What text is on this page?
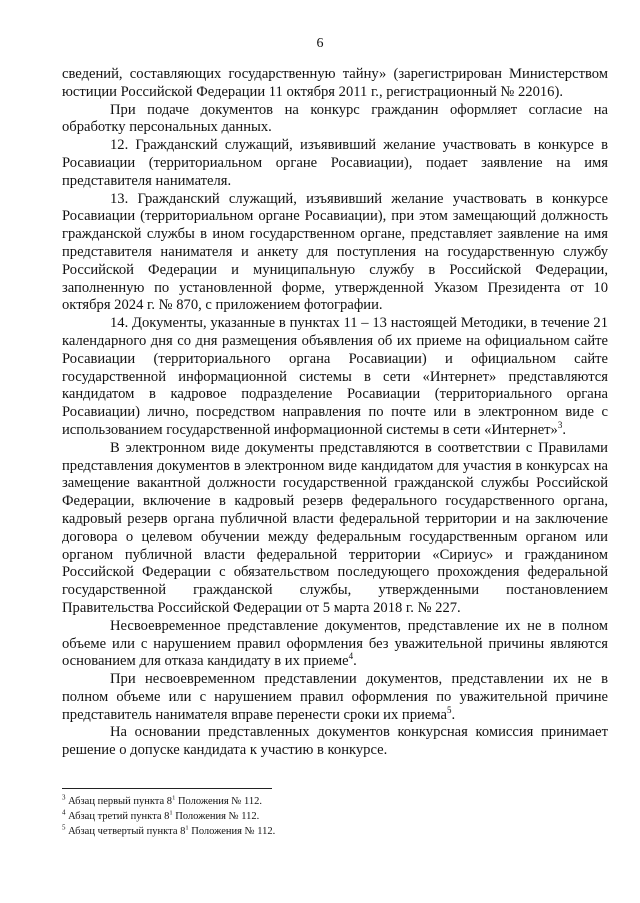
6

сведений, составляющих государственную тайну» (зарегистрирован Министерством юстиции Российской Федерации 11 октября 2011 г., регистрационный № 22016).

При подаче документов на конкурс гражданин оформляет согласие на обработку персональных данных.

12. Гражданский служащий, изъявивший желание участвовать в конкурсе в Росавиации (территориальном органе Росавиации), подает заявление на имя представителя нанимателя.

13. Гражданский служащий, изъявивший желание участвовать в конкурсе Росавиации (территориальном органе Росавиации), при этом замещающий должность гражданской службы в ином государственном органе, представляет заявление на имя представителя нанимателя и анкету для поступления на государственную службу Российской Федерации и муниципальную службу в Российской Федерации, заполненную по установленной форме, утвержденной Указом Президента от 10 октября 2024 г. № 870, с приложением фотографии.

14. Документы, указанные в пунктах 11 – 13 настоящей Методики, в течение 21 календарного дня со дня размещения объявления об их приеме на официальном сайте Росавиации (территориального органа Росавиации) и официальном сайте государственной информационной системы в сети «Интернет» представляются кандидатом в кадровое подразделение Росавиации (территориального органа Росавиации) лично, посредством направления по почте или в электронном виде с использованием государственной информационной системы в сети «Интернет»$^3$.

В электронном виде документы представляются в соответствии с Правилами представления документов в электронном виде кандидатом для участия в конкурсах на замещение вакантной должности государственной гражданской службы Российской Федерации, включение в кадровый резерв федерального государственного органа, кадровый резерв органа публичной власти федеральной территории и на заключение договора о целевом обучении между федеральным государственным органом или органом публичной власти федеральной территории «Сириус» и гражданином Российской Федерации с обязательством последующего прохождения федеральной государственной гражданской службы, утвержденными постановлением Правительства Российской Федерации от 5 марта 2018 г. № 227.

Несвоевременное представление документов, представление их не в полном объеме или с нарушением правил оформления без уважительной причины являются основанием для отказа кандидату в их приеме$^4$.

При несвоевременном представлении документов, представлении их не в полном объеме или с нарушением правил оформления по уважительной причине представитель нанимателя вправе перенести сроки их приема$^5$.

На основании представленных документов конкурсная комиссия принимает решение о допуске кандидата к участию в конкурсе.

$^3$ Абзац первый пункта $8^1$ Положения № 112.
$^4$ Абзац третий пункта $8^1$ Положения № 112.
$^5$ Абзац четвертый пункта $8^1$ Положения № 112.
